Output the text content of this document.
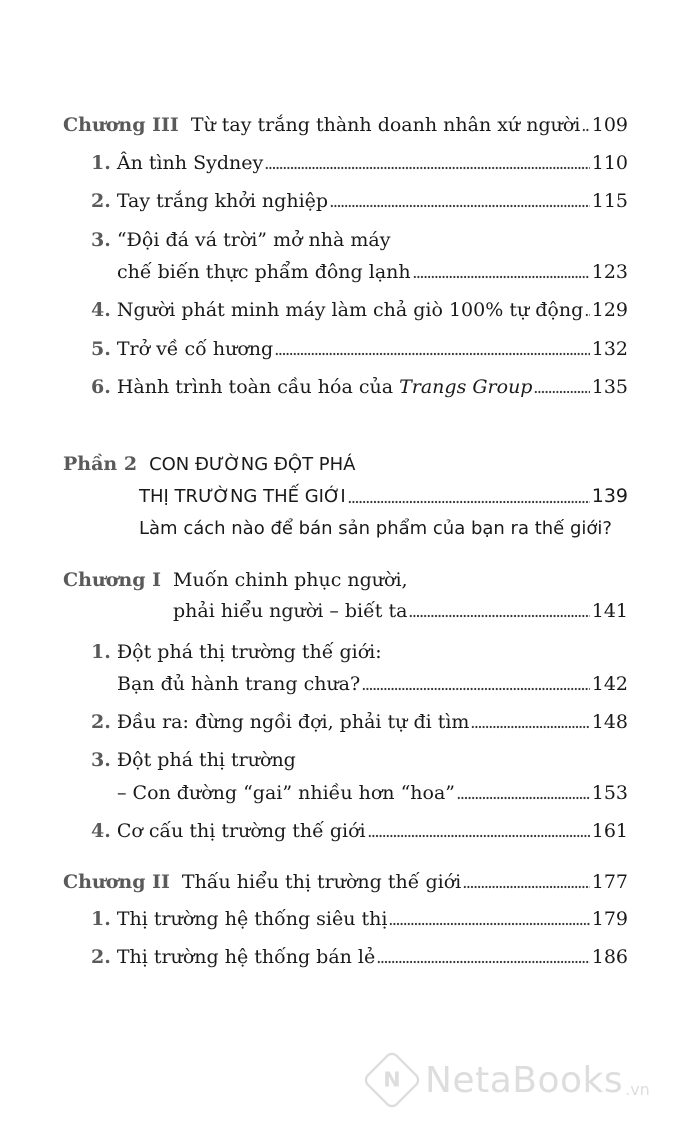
Chương III Từ tay trắng thành doanh nhân xứ người 109
1. Ân tình Sydney	110
2. Tay trắng khởi nghiệp	115
3. “Đội đá vá trời” mở nhà máy
chế biến thực phẩm đông lạnh	123
4. Người phát minh máy làm chả giò 100% tự động 129
5. Trở về cố hương	132
6. Hành trình toàn cầu hóa của Trangs Group	135
Phần 2 CON ĐƯỜNG ĐỘT PHÁ
THỊ TRƯỜNG THẾ GIỚI	139
Làm cách nào để bán sản phẩm của bạn ra thế giới?
Chương I Muốn chinh phục người,
phải hiểu người – biết ta	141
1. Đột phá thị trường thế giới:
Bạn đủ hành trang chưa?	142
2. Đầu ra: đừng ngồi đợi, phải tự đi tìm	148
3. Đột phá thị trường
– Con đường “gai” nhiều hơn “hoa”	153
4. Cơ cấu thị trường thế giới	161
Chương II Thấu hiểu thị trường thế giới	177
1. Thị trường hệ thống siêu thị	179
2. Thị trường hệ thống bán lẻ	186
N NetaBooks .vn
